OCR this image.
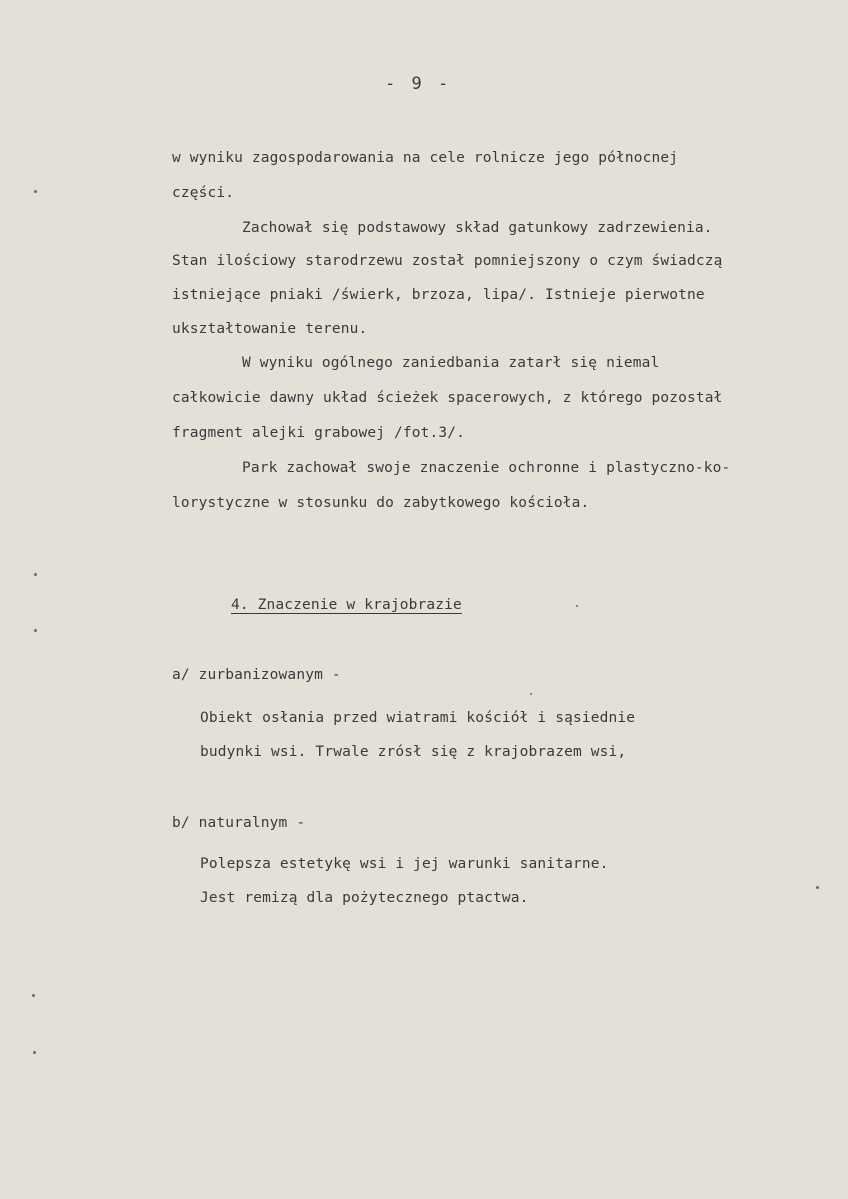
- 9 -
w wyniku zagospodarowania na cele rolnicze jego północnej
części.
Zachował się podstawowy skład gatunkowy zadrzewienia.
Stan ilościowy starodrzewu został pomniejszony o czym świadczą
istniejące pniaki /świerk, brzoza, lipa/. Istnieje pierwotne
ukształtowanie terenu.
W wyniku ogólnego zaniedbania zatarł się niemal
całkowicie dawny układ ścieżek spacerowych, z którego pozostał
fragment alejki grabowej /fot.3/.
Park zachował swoje znaczenie ochronne i plastyczno-ko-
lorystyczne w stosunku do zabytkowego kościoła.
4. Znaczenie w krajobrazie
a/ zurbanizowanym -
Obiekt osłania przed wiatrami kościół i sąsiednie
budynki wsi. Trwale zrósł się z krajobrazem wsi,
b/ naturalnym -
Polepsza estetykę wsi i jej warunki sanitarne.
Jest remizą dla pożytecznego ptactwa.
